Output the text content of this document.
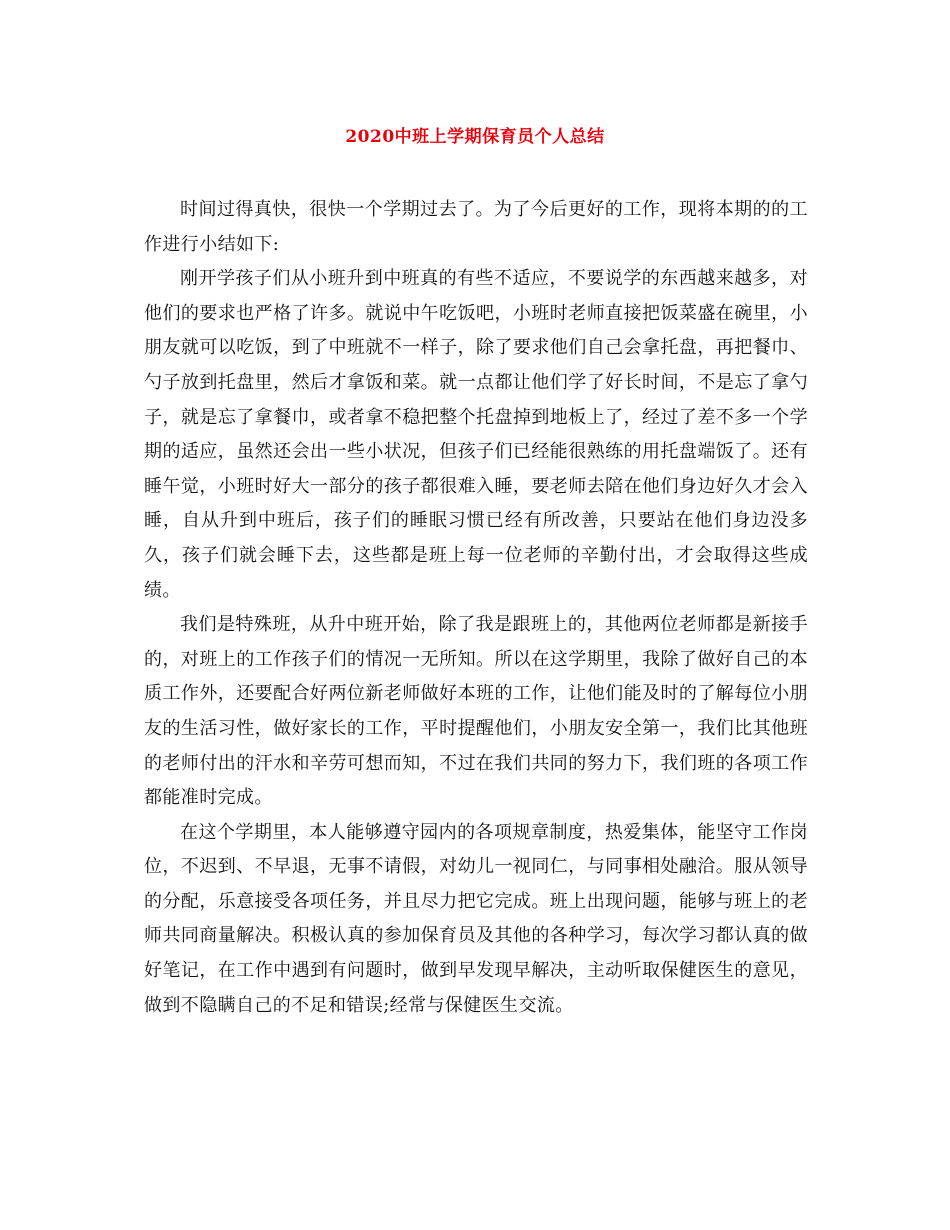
2020中班上学期保育员个人总结

时间过得真快，很快一个学期过去了。为了今后更好的工作，现将本期的的工作进行小结如下:

刚开学孩子们从小班升到中班真的有些不适应，不要说学的东西越来越多，对他们的要求也严格了许多。就说中午吃饭吧，小班时老师直接把饭菜盛在碗里，小朋友就可以吃饭，到了中班就不一样子，除了要求他们自己会拿托盘，再把餐巾、勺子放到托盘里，然后才拿饭和菜。就一点都让他们学了好长时间，不是忘了拿勺子，就是忘了拿餐巾，或者拿不稳把整个托盘掉到地板上了，经过了差不多一个学期的适应，虽然还会出一些小状况，但孩子们已经能很熟练的用托盘端饭了。还有睡午觉，小班时好大一部分的孩子都很难入睡，要老师去陪在他们身边好久才会入睡，自从升到中班后，孩子们的睡眠习惯已经有所改善，只要站在他们身边没多久，孩子们就会睡下去，这些都是班上每一位老师的辛勤付出，才会取得这些成绩。

我们是特殊班，从升中班开始，除了我是跟班上的，其他两位老师都是新接手的，对班上的工作孩子们的情况一无所知。所以在这学期里，我除了做好自己的本质工作外，还要配合好两位新老师做好本班的工作，让他们能及时的了解每位小朋友的生活习性，做好家长的工作，平时提醒他们，小朋友安全第一，我们比其他班的老师付出的汗水和辛劳可想而知，不过在我们共同的努力下，我们班的各项工作都能准时完成。

在这个学期里，本人能够遵守园内的各项规章制度，热爱集体，能坚守工作岗位，不迟到、不早退，无事不请假，对幼儿一视同仁，与同事相处融洽。服从领导的分配，乐意接受各项任务，并且尽力把它完成。班上出现问题，能够与班上的老师共同商量解决。积极认真的参加保育员及其他的各种学习，每次学习都认真的做好笔记，在工作中遇到有问题时，做到早发现早解决，主动听取保健医生的意见，做到不隐瞒自己的不足和错误;经常与保健医生交流。
